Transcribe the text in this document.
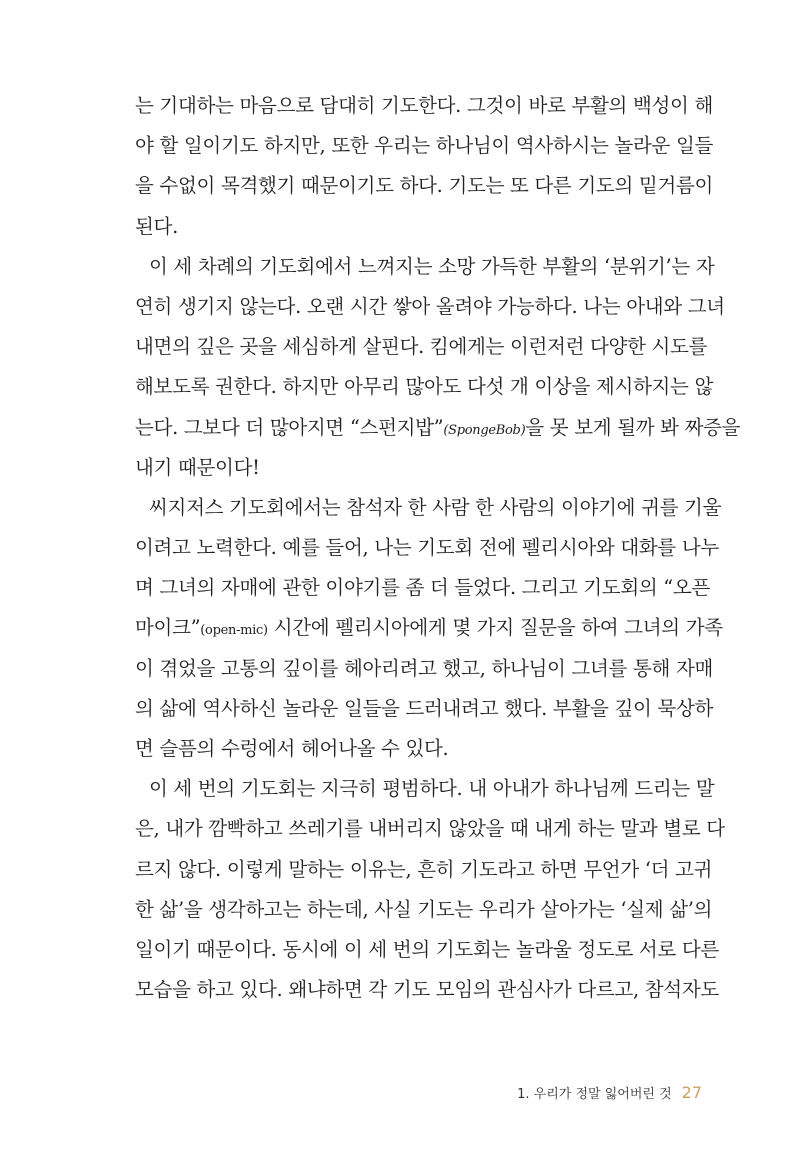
는 기대하는 마음으로 담대히 기도한다. 그것이 바로 부활의 백성이 해
야 할 일이기도 하지만, 또한 우리는 하나님이 역사하시는 놀라운 일들
을 수없이 목격했기 때문이기도 하다. 기도는 또 다른 기도의 밑거름이
된다.
이 세 차례의 기도회에서 느껴지는 소망 가득한 부활의 ‘분위기’는 자
연히 생기지 않는다. 오랜 시간 쌓아 올려야 가능하다. 나는 아내와 그녀
내면의 깊은 곳을 세심하게 살핀다. 킴에게는 이런저런 다양한 시도를
해보도록 권한다. 하지만 아무리 많아도 다섯 개 이상을 제시하지는 않
는다. 그보다 더 많아지면 “스펀지밥”(SpongeBob)을 못 보게 될까 봐 짜증을
내기 때문이다!
씨지저스 기도회에서는 참석자 한 사람 한 사람의 이야기에 귀를 기울
이려고 노력한다. 예를 들어, 나는 기도회 전에 펠리시아와 대화를 나누
며 그녀의 자매에 관한 이야기를 좀 더 들었다. 그리고 기도회의 “오픈
마이크”(open-mic) 시간에 펠리시아에게 몇 가지 질문을 하여 그녀의 가족
이 겪었을 고통의 깊이를 헤아리려고 했고, 하나님이 그녀를 통해 자매
의 삶에 역사하신 놀라운 일들을 드러내려고 했다. 부활을 깊이 묵상하
면 슬픔의 수렁에서 헤어나올 수 있다.
이 세 번의 기도회는 지극히 평범하다. 내 아내가 하나님께 드리는 말
은, 내가 깜빡하고 쓰레기를 내버리지 않았을 때 내게 하는 말과 별로 다
르지 않다. 이렇게 말하는 이유는, 흔히 기도라고 하면 무언가 ‘더 고귀
한 삶’을 생각하고는 하는데, 사실 기도는 우리가 살아가는 ‘실제 삶’의
일이기 때문이다. 동시에 이 세 번의 기도회는 놀라울 정도로 서로 다른
모습을 하고 있다. 왜냐하면 각 기도 모임의 관심사가 다르고, 참석자도
1. 우리가 정말 잃어버린 것 27
